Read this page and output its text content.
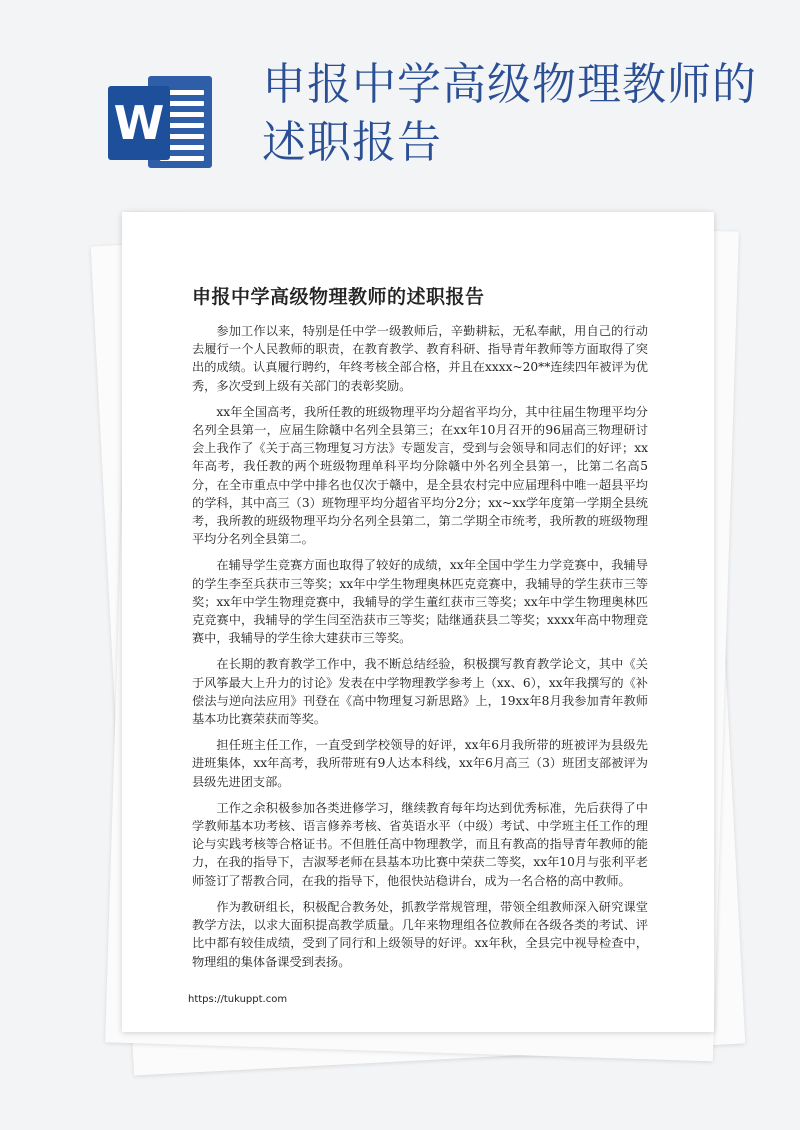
W
申报中学高级物理教师的述职报告
申报中学高级物理教师的述职报告

参加工作以来，特别是任中学一级教师后，辛勤耕耘，无私奉献，用自己的行动去履行一个人民教师的职责，在教育教学、教育科研、指导青年教师等方面取得了突出的成绩。认真履行聘约，年终考核全部合格，并且在xxxx~20**连续四年被评为优秀，多次受到上级有关部门的表彰奖励。

xx年全国高考，我所任教的班级物理平均分超省平均分，其中往届生物理平均分名列全县第一，应届生除赣中名列全县第三；在xx年10月召开的96届高三物理研讨会上我作了《关于高三物理复习方法》专题发言，受到与会领导和同志们的好评；xx年高考，我任教的两个班级物理单科平均分除赣中外名列全县第一，比第二名高5分，在全市重点中学中排名也仅次于赣中，是全县农村完中应届理科中唯一超县平均的学科，其中高三（3）班物理平均分超省平均分2分；xx~xx学年度第一学期全县统考，我所教的班级物理平均分名列全县第二，第二学期全市统考，我所教的班级物理平均分名列全县第二。

在辅导学生竞赛方面也取得了较好的成绩，xx年全国中学生力学竞赛中，我辅导的学生李至兵获市三等奖；xx年中学生物理奥林匹克竞赛中，我辅导的学生获市三等奖；xx年中学生物理竞赛中，我辅导的学生董红获市三等奖；xx年中学生物理奥林匹克竞赛中，我辅导的学生闫至浩获市三等奖；陆继通获县二等奖；xxxx年高中物理竞赛中，我辅导的学生徐大建获市三等奖。

在长期的教育教学工作中，我不断总结经验，积极撰写教育教学论文，其中《关于风筝最大上升力的讨论》发表在中学物理教学参考上（xx、6），xx年我撰写的《补偿法与逆向法应用》刊登在《高中物理复习新思路》上，19xx年8月我参加青年教师基本功比赛荣获而等奖。

担任班主任工作，一直受到学校领导的好评，xx年6月我所带的班被评为县级先进班集体，xx年高考，我所带班有9人达本科线，xx年6月高三（3）班团支部被评为县级先进团支部。

工作之余积极参加各类进修学习，继续教育每年均达到优秀标准，先后获得了中学教师基本功考核、语言修养考核、省英语水平（中级）考试、中学班主任工作的理论与实践考核等合格证书。不但胜任高中物理教学，而且有教高的指导青年教师的能力，在我的指导下，吉淑琴老师在县基本功比赛中荣获二等奖，xx年10月与张利平老师签订了帮教合同，在我的指导下，他很快站稳讲台，成为一名合格的高中教师。

作为教研组长，积极配合教务处，抓教学常规管理，带领全组教师深入研究课堂教学方法，以求大面积提高教学质量。几年来物理组各位教师在各级各类的考试、评比中都有较佳成绩，受到了同行和上级领导的好评。xx年秋，全县完中视导检查中，物理组的集体备课受到表扬。

https://tukuppt.com
